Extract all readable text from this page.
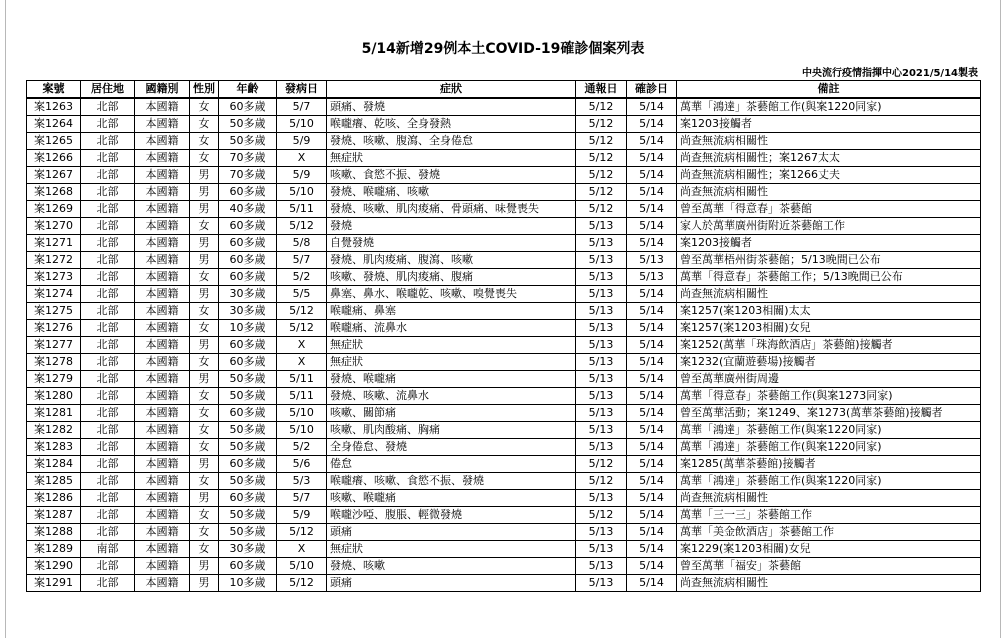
5/14新增29例本土COVID-19確診個案列表
中央流行疫情指揮中心2021/5/14製表
案號	居住地	國籍別	性別	年齡	發病日	症狀	通報日	確診日	備註
案1263	北部	本國籍	女	60多歲	5/7	頭痛、發燒	5/12	5/14	萬華「鴻達」茶藝館工作(與案1220同家)
案1264	北部	本國籍	女	50多歲	5/10	喉嚨癢、乾咳、全身發熱	5/12	5/14	案1203接觸者
案1265	北部	本國籍	女	50多歲	5/9	發燒、咳嗽、腹瀉、全身倦怠	5/12	5/14	尚查無流病相關性
案1266	北部	本國籍	女	70多歲	X	無症狀	5/12	5/14	尚查無流病相關性；案1267太太
案1267	北部	本國籍	男	70多歲	5/9	咳嗽、食慾不振、發燒	5/12	5/14	尚查無流病相關性；案1266丈夫
案1268	北部	本國籍	男	60多歲	5/10	發燒、喉嚨痛、咳嗽	5/12	5/14	尚查無流病相關性
案1269	北部	本國籍	男	40多歲	5/11	發燒、咳嗽、肌肉痠痛、骨頭痛、味覺喪失	5/12	5/14	曾至萬華「得意春」茶藝館
案1270	北部	本國籍	女	60多歲	5/12	發燒	5/13	5/14	家人於萬華廣州街附近茶藝館工作
案1271	北部	本國籍	男	60多歲	5/8	自覺發燒	5/13	5/14	案1203接觸者
案1272	北部	本國籍	男	60多歲	5/7	發燒、肌肉痠痛、腹瀉、咳嗽	5/13	5/13	曾至萬華梧州街茶藝館；5/13晚間已公布
案1273	北部	本國籍	女	60多歲	5/2	咳嗽、發燒、肌肉痠痛、腹痛	5/13	5/13	萬華「得意春」茶藝館工作；5/13晚間已公布
案1274	北部	本國籍	男	30多歲	5/5	鼻塞、鼻水、喉嚨乾、咳嗽、嗅覺喪失	5/13	5/14	尚查無流病相關性
案1275	北部	本國籍	女	30多歲	5/12	喉嚨痛、鼻塞	5/13	5/14	案1257(案1203相關)太太
案1276	北部	本國籍	女	10多歲	5/12	喉嚨痛、流鼻水	5/13	5/14	案1257(案1203相關)女兒
案1277	北部	本國籍	男	60多歲	X	無症狀	5/13	5/14	案1252(萬華「珠海飲酒店」茶藝館)接觸者
案1278	北部	本國籍	女	60多歲	X	無症狀	5/13	5/14	案1232(宜蘭遊藝場)接觸者
案1279	北部	本國籍	男	50多歲	5/11	發燒、喉嚨痛	5/13	5/14	曾至萬華廣州街周邊
案1280	北部	本國籍	女	50多歲	5/11	發燒、咳嗽、流鼻水	5/13	5/14	萬華「得意春」茶藝館工作(與案1273同家)
案1281	北部	本國籍	女	60多歲	5/10	咳嗽、關節痛	5/13	5/14	曾至萬華活動；案1249、案1273(萬華茶藝館)接觸者
案1282	北部	本國籍	女	50多歲	5/10	咳嗽、肌肉酸痛、胸痛	5/13	5/14	萬華「鴻達」茶藝館工作(與案1220同家)
案1283	北部	本國籍	女	50多歲	5/2	全身倦怠、發燒	5/13	5/14	萬華「鴻達」茶藝館工作(與案1220同家)
案1284	北部	本國籍	男	60多歲	5/6	倦怠	5/12	5/14	案1285(萬華茶藝館)接觸者
案1285	北部	本國籍	女	50多歲	5/3	喉嚨癢、咳嗽、食慾不振、發燒	5/12	5/14	萬華「鴻達」茶藝館工作(與案1220同家)
案1286	北部	本國籍	男	60多歲	5/7	咳嗽、喉嚨痛	5/13	5/14	尚查無流病相關性
案1287	北部	本國籍	女	50多歲	5/9	喉嚨沙啞、腹脹、輕微發燒	5/12	5/14	萬華「三一三」茶藝館工作
案1288	北部	本國籍	女	50多歲	5/12	頭痛	5/13	5/14	萬華「美金飲酒店」茶藝館工作
案1289	南部	本國籍	女	30多歲	X	無症狀	5/13	5/14	案1229(案1203相關)女兒
案1290	北部	本國籍	男	60多歲	5/10	發燒、咳嗽	5/13	5/14	曾至萬華「福安」茶藝館
案1291	北部	本國籍	男	10多歲	5/12	頭痛	5/13	5/14	尚查無流病相關性
